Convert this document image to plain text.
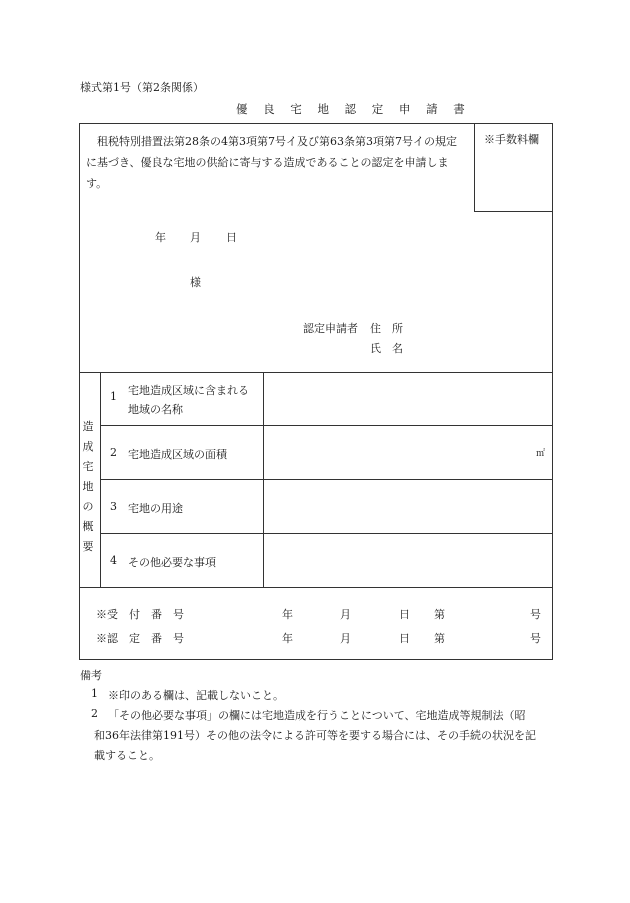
様式第1号（第2条関係）
優 良 宅 地 認 定 申 請 書
租税特別措置法第28条の4第3項第7号イ及び第63条第3項第7号イの規定
に基づき、優良な宅地の供給に寄与する造成であることの認定を申請しま
す。
※手数料欄
年 月 日
様
認定申請者 住　所
氏　名
造
成
宅
地
の
概
要
1 宅地造成区域に含まれる
地域の名称
2 宅地造成区域の面積	㎡
3 宅地の用途
4 その他必要な事項
※受　付　番　号	年	月	日 第	号
※認　定　番　号	年	月	日 第	号
備考
1 ※印のある欄は、記載しないこと。
2 「その他必要な事項」の欄には宅地造成を行うことについて、宅地造成等規制法（昭
和36年法律第191号）その他の法令による許可等を要する場合には、その手続の状況を記
載すること。
